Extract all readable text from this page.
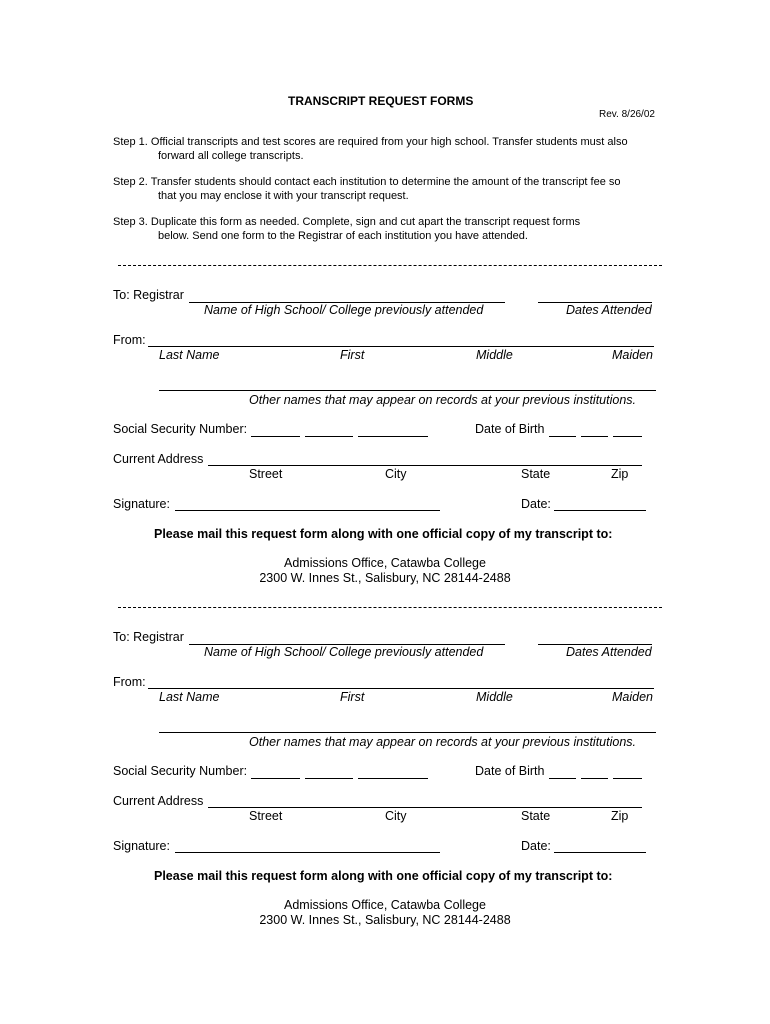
TRANSCRIPT REQUEST FORMS
Rev. 8/26/02
Step 1. Official transcripts and test scores are required from your high school. Transfer students must also
forward all college transcripts.
Step 2. Transfer students should contact each institution to determine the amount of the transcript fee so
that you may enclose it with your transcript request.
Step 3. Duplicate this form as needed. Complete, sign and cut apart the transcript request forms
below. Send one form to the Registrar of each institution you have attended.
To: Registrar
Name of High School/ College previously attended	Dates Attended
From:
Last Name	First	Middle	Maiden
Other names that may appear on records at your previous institutions.
Social Security Number:	Date of Birth
Current Address
Street	City	State	Zip
Signature:	Date:
Please mail this request form along with one official copy of my transcript to:
Admissions Office, Catawba College
2300 W. Innes St., Salisbury, NC 28144-2488
To: Registrar
Name of High School/ College previously attended	Dates Attended
From:
Last Name	First	Middle	Maiden
Other names that may appear on records at your previous institutions.
Social Security Number:	Date of Birth
Current Address
Street	City	State	Zip
Signature:	Date:
Please mail this request form along with one official copy of my transcript to:
Admissions Office, Catawba College
2300 W. Innes St., Salisbury, NC 28144-2488
